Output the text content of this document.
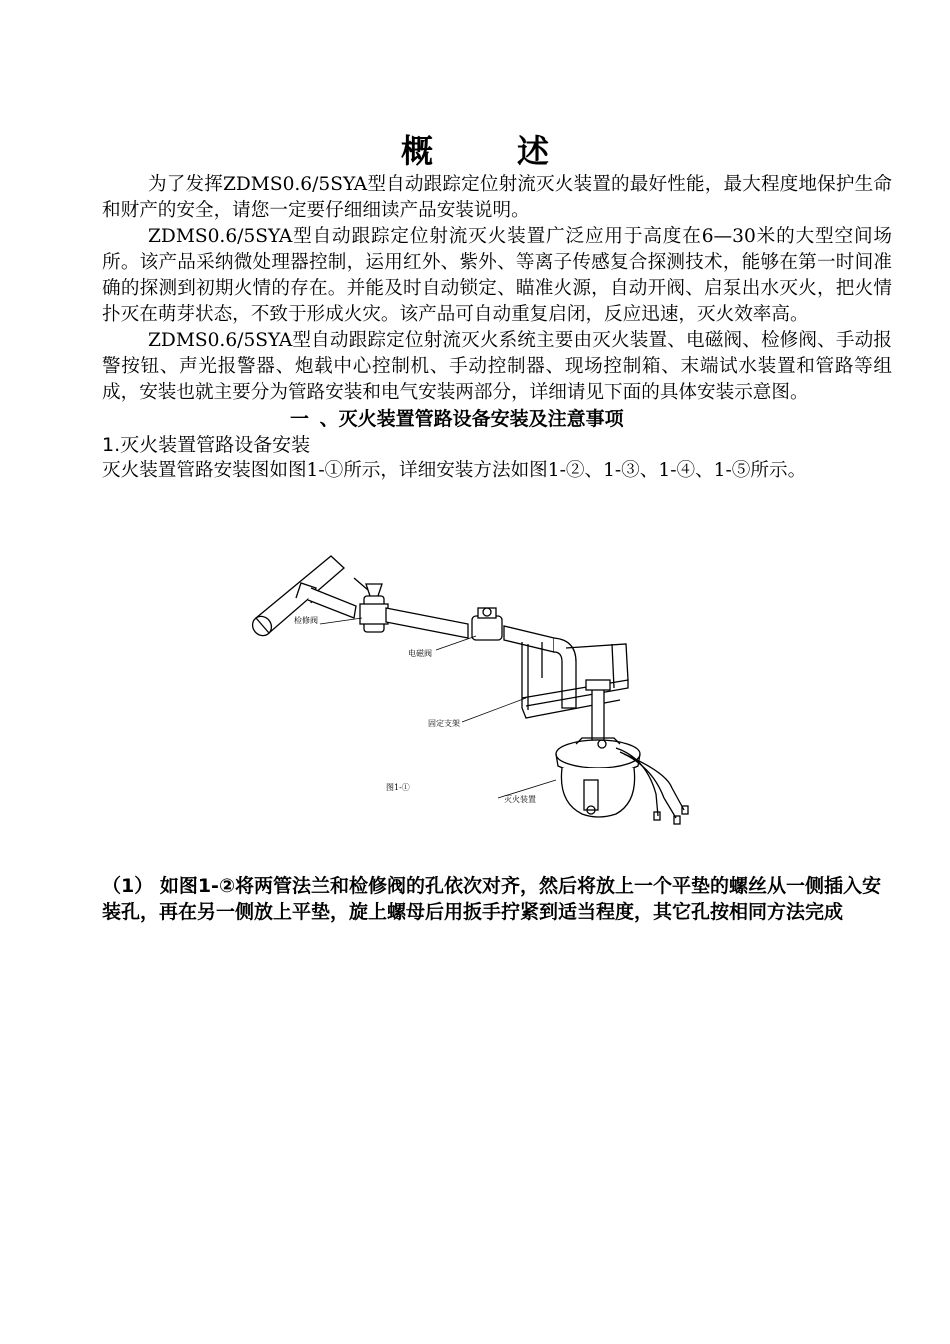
概　述

为了发挥ZDMS0.6/5SYA型自动跟踪定位射流灭火装置的最好性能，最大程度地保护生命和财产的安全，请您一定要仔细细读产品安装说明。

ZDMS0.6/5SYA型自动跟踪定位射流灭火装置广泛应用于高度在6—30米的大型空间场所。该产品采纳微处理器控制，运用红外、紫外、等离子传感复合探测技术，能够在第一时间准确的探测到初期火情的存在。并能及时自动锁定、瞄准火源，自动开阀、启泵出水灭火，把火情扑灭在萌芽状态，不致于形成火灾。该产品可自动重复启闭，反应迅速，灭火效率高。

ZDMS0.6/5SYA型自动跟踪定位射流灭火系统主要由灭火装置、电磁阀、检修阀、手动报警按钮、声光报警器、炮载中心控制机、手动控制器、现场控制箱、末端试水装置和管路等组成，安装也就主要分为管路安装和电气安装两部分，详细请见下面的具体安装示意图。

一 、灭火装置管路设备安装及注意事项
1.灭火装置管路设备安装

灭火装置管路安装图如图1-①所示，详细安装方法如图1-②、1-③、1-④、1-⑤所示。

检修阀
电磁阀
固定支架
图1-①
灭火装置

（1） 如图1-②将两管法兰和检修阀的孔依次对齐，然后将放上一个平垫的螺丝从一侧插入安装孔，再在另一侧放上平垫，旋上螺母后用扳手拧紧到适当程度，其它孔按相同方法完成
